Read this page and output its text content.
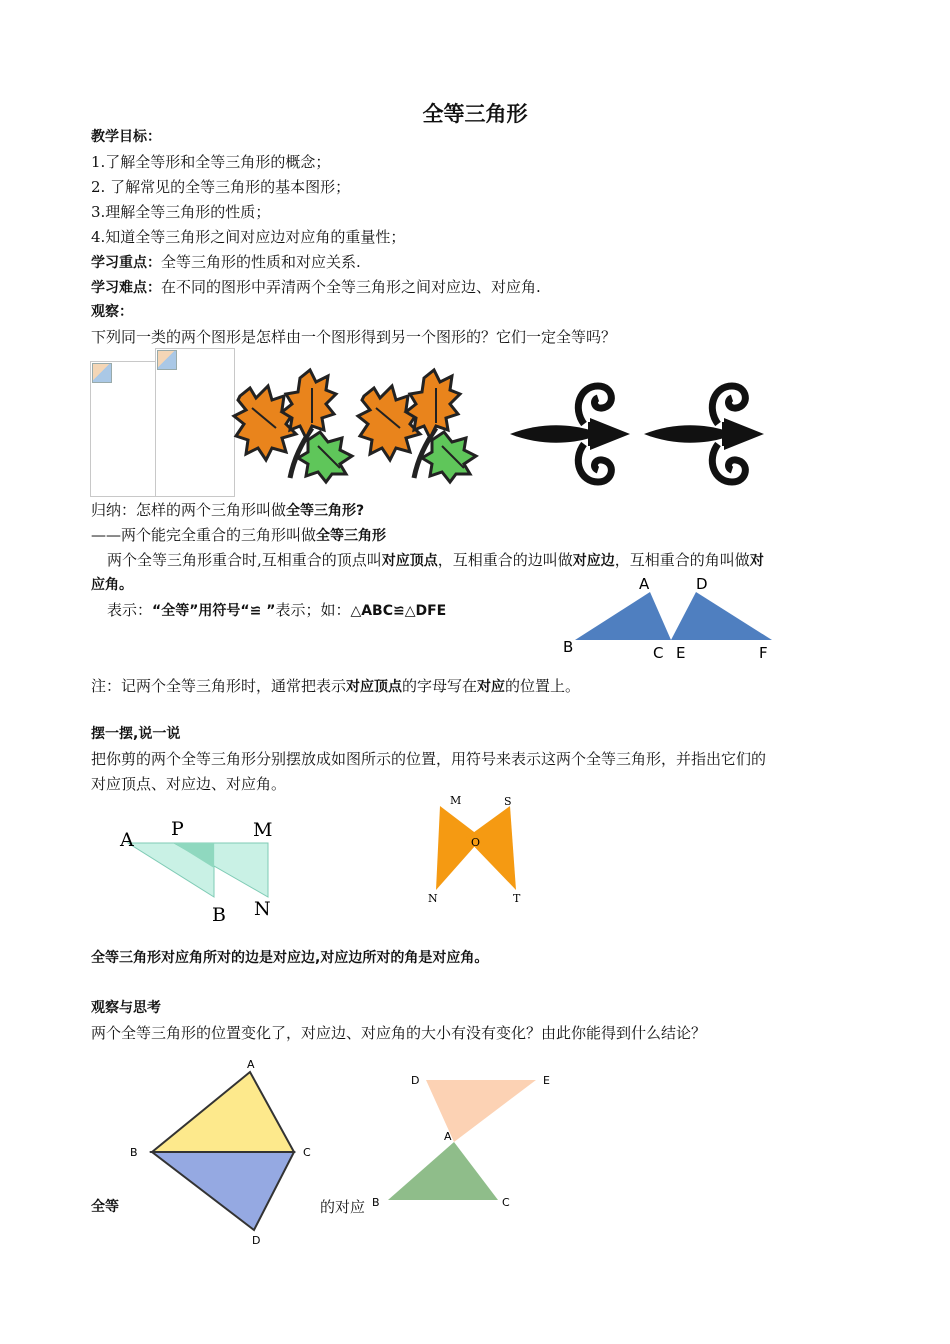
全等三角形
教学目标：
1.了解全等形和全等三角形的概念；
2. 了解常见的全等三角形的基本图形；
3.理解全等三角形的性质；
4.知道全等三角形之间对应边对应角的重量性；
学习重点：全等三角形的性质和对应关系.
学习难点：在不同的图形中弄清两个全等三角形之间对应边、对应角.
观察：
下列同一类的两个图形是怎样由一个图形得到另一个图形的？它们一定全等吗？
归纳：怎样的两个三角形叫做全等三角形?
——两个能完全重合的三角形叫做全等三角形
两个全等三角形重合时,互相重合的顶点叫对应顶点，互相重合的边叫做对应边，互相重合的角叫做对
应角。
表示：“全等”用符号“≌ ”表示；如：△ABC≌△DFE
A
B	C
D
E	F
注：记两个全等三角形时，通常把表示对应顶点的字母写在对应的位置上。
摆一摆,说一说
把你剪的两个全等三角形分别摆放成如图所示的位置，用符号来表示这两个全等三角形，并指出它们的
对应顶点、对应边、对应角。
A P	M
B N
M	S
O
N	T
全等三角形对应角所对的边是对应边,对应边所对的角是对应角。
观察与思考
两个全等三角形的位置变化了，对应边、对应角的大小有没有变化？由此你能得到什么结论？
A
B	C
D
D	E
A
B	C
全等	的对应
